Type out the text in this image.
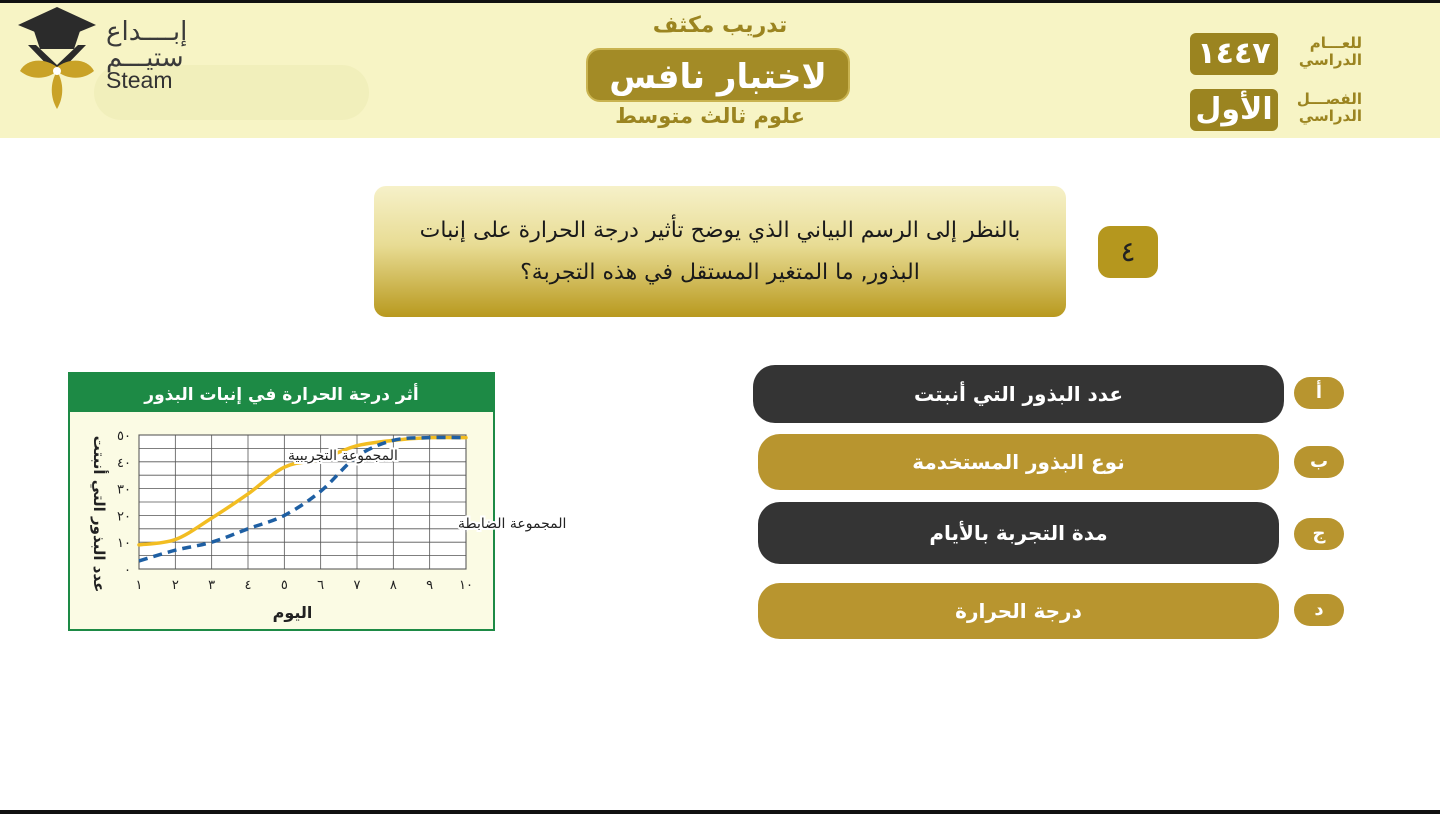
إبــــداع
ستيـــم
Steam
تدريب مكثف
لاختبار نافس
علوم ثالث متوسط
١٤٤٧	للعـــام الدراسي
الأول	الفصـــل الدراسي
بالنظر إلى الرسم البياني الذي يوضح تأثير درجة الحرارة على إنبات البذور, ما المتغير المستقل في هذه التجربة؟
٤
عدد البذور التي أنبتت	أ
نوع البذور المستخدمة	ب
مدة التجربة بالأيام	ج
درجة الحرارة	د
أثر درجة الحرارة في إنبات البذور
٠
١٠
٢٠
٣٠
٤٠
٥٠
١ ٢ ٣ ٤ ٥ ٦ ٧ ٨ ٩ ١٠
اليوم
عدد البذور التي أنبتت	المجموعة التجريبية
المجموعة الضابطة
